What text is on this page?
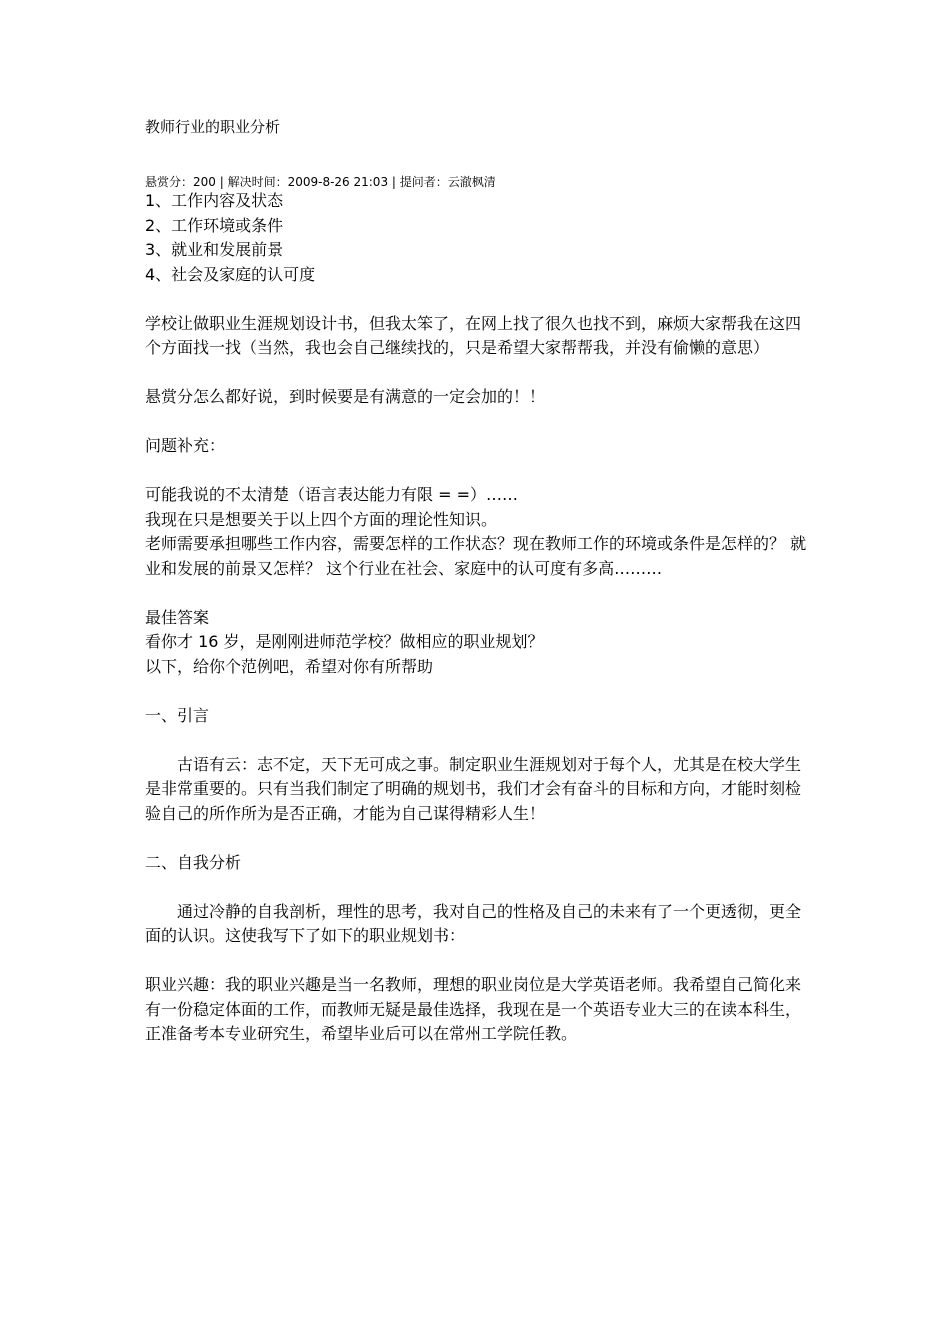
教师行业的职业分析
悬赏分：200 | 解决时间：2009-8-26 21:03 | 提问者：云澈枫清

1、工作内容及状态

2、工作环境或条件

3、就业和发展前景

4、社会及家庭的认可度

学校让做职业生涯规划设计书，但我太笨了，在网上找了很久也找不到，麻烦大家帮我在这四个方面找一找（当然，我也会自己继续找的，只是希望大家帮帮我，并没有偷懒的意思）

悬赏分怎么都好说，到时候要是有满意的一定会加的！！

问题补充：

可能我说的不太清楚（语言表达能力有限 = =）……

我现在只是想要关于以上四个方面的理论性知识。

老师需要承担哪些工作内容，需要怎样的工作状态？现在教师工作的环境或条件是怎样的？ 就业和发展的前景又怎样？ 这个行业在社会、家庭中的认可度有多高………

最佳答案

看你才 16 岁，是刚刚进师范学校？做相应的职业规划？

以下，给你个范例吧，希望对你有所帮助

一、引言

古语有云：志不定，天下无可成之事。制定职业生涯规划对于每个人，尤其是在校大学生是非常重要的。只有当我们制定了明确的规划书，我们才会有奋斗的目标和方向，才能时刻检验自己的所作所为是否正确，才能为自己谋得精彩人生！

二、自我分析

通过冷静的自我剖析，理性的思考，我对自己的性格及自己的未来有了一个更透彻，更全面的认识。这使我写下了如下的职业规划书：

职业兴趣：我的职业兴趣是当一名教师，理想的职业岗位是大学英语老师。我希望自己简化来有一份稳定体面的工作，而教师无疑是最佳选择，我现在是一个英语专业大三的在读本科生，正准备考本专业研究生，希望毕业后可以在常州工学院任教。
